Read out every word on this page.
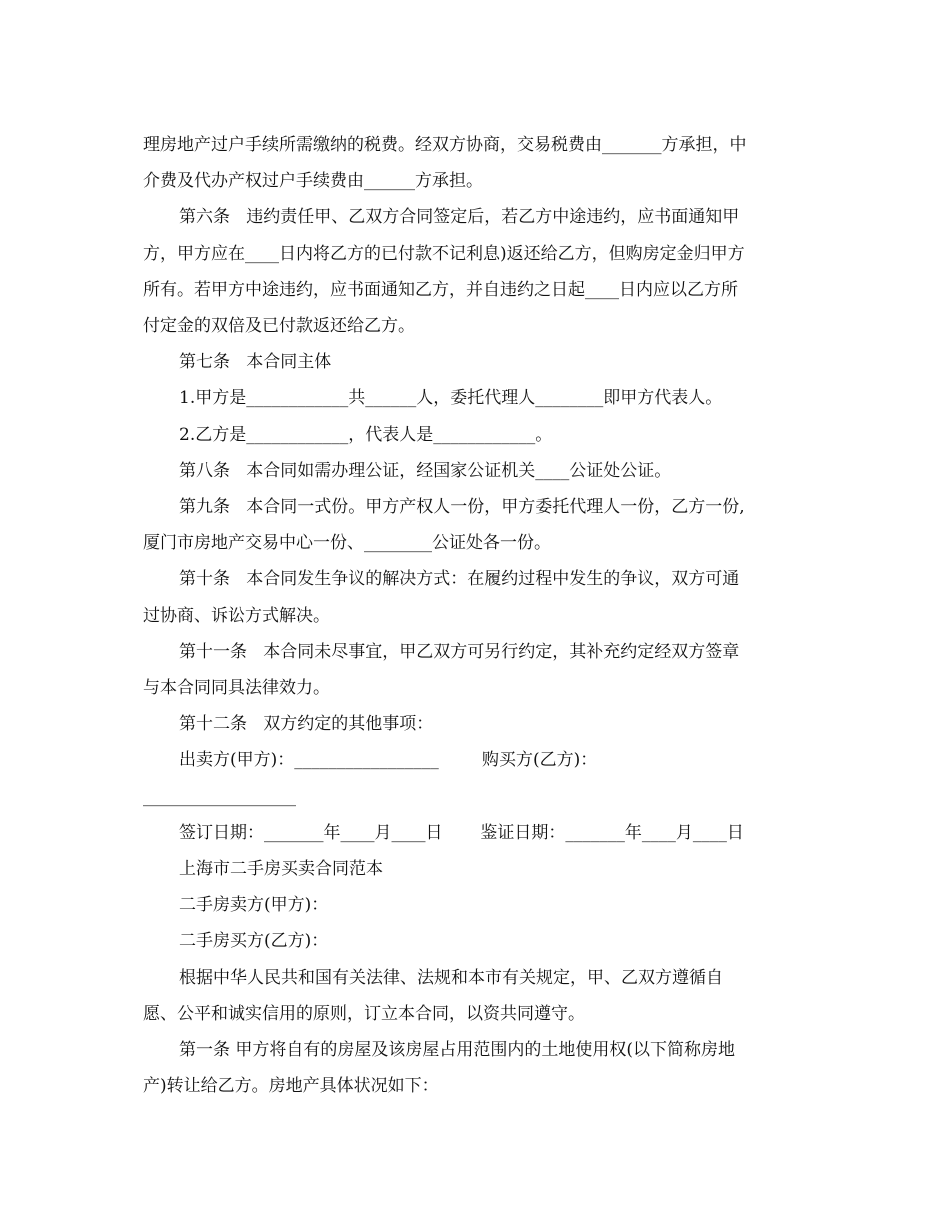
理房地产过户手续所需缴纳的税费。经双方协商，交易税费由_______方承担，中

介费及代办产权过户手续费由______方承担。

第六条   违约责任甲、乙双方合同签定后，若乙方中途违约，应书面通知甲

方，甲方应在____日内将乙方的已付款不记利息)返还给乙方，但购房定金归甲方

所有。若甲方中途违约，应书面通知乙方，并自违约之日起____日内应以乙方所

付定金的双倍及已付款返还给乙方。

第七条   本合同主体

1.甲方是____________共______人，委托代理人________即甲方代表人。

2.乙方是____________，代表人是____________。

第八条   本合同如需办理公证，经国家公证机关____公证处公证。

第九条   本合同一式份。甲方产权人一份，甲方委托代理人一份，乙方一份,

厦门市房地产交易中心一份、________公证处各一份。

第十条   本合同发生争议的解决方式：在履约过程中发生的争议，双方可通

过协商、诉讼方式解决。

第十一条   本合同未尽事宜，甲乙双方可另行约定，其补充约定经双方签章

与本合同同具法律效力。

第十二条   双方约定的其他事项：

出卖方(甲方)：_________________        购买方(乙方)：

__________________

签订日期：_______年____月____日       鉴证日期：_______年____月____日

上海市二手房买卖合同范本

二手房卖方(甲方)：

二手房买方(乙方)：

根据中华人民共和国有关法律、法规和本市有关规定，甲、乙双方遵循自

愿、公平和诚实信用的原则，订立本合同，以资共同遵守。

第一条 甲方将自有的房屋及该房屋占用范围内的土地使用权(以下简称房地

产)转让给乙方。房地产具体状况如下：
